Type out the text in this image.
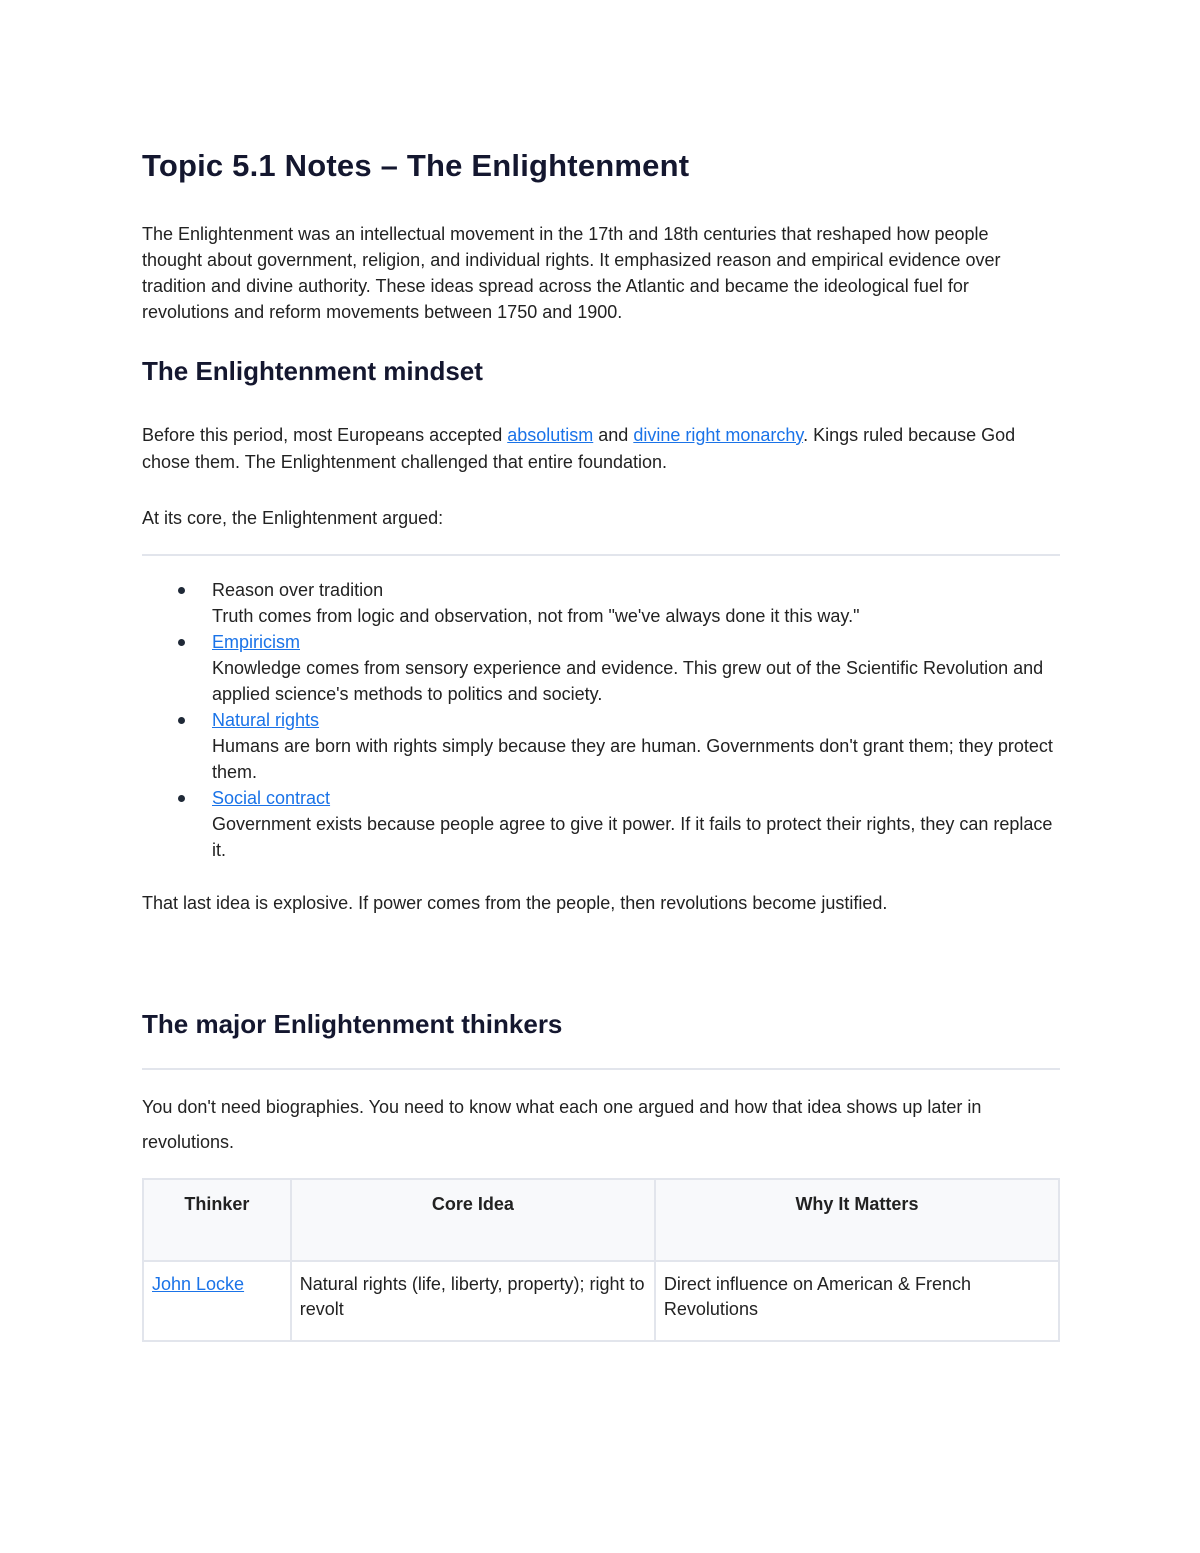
Topic 5.1 Notes – The Enlightenment

The Enlightenment was an intellectual movement in the 17th and 18th centuries that reshaped how people thought about government, religion, and individual rights. It emphasized reason and empirical evidence over tradition and divine authority. These ideas spread across the Atlantic and became the ideological fuel for revolutions and reform movements between 1750 and 1900.

The Enlightenment mindset

Before this period, most Europeans accepted absolutism and divine right monarchy. Kings ruled because God chose them. The Enlightenment challenged that entire foundation.

At its core, the Enlightenment argued:

Reason over tradition
Truth comes from logic and observation, not from "we've always done it this way."
Empiricism
Knowledge comes from sensory experience and evidence. This grew out of the Scientific Revolution and applied science's methods to politics and society.
Natural rights
Humans are born with rights simply because they are human. Governments don't grant them; they protect them.
Social contract
Government exists because people agree to give it power. If it fails to protect their rights, they can replace it.

That last idea is explosive. If power comes from the people, then revolutions become justified.

The major Enlightenment thinkers

You don't need biographies. You need to know what each one argued and how that idea shows up later in revolutions.

Thinker	Core Idea	Why It Matters
John Locke	Natural rights (life, liberty, property); right to revolt	Direct influence on American & French Revolutions
